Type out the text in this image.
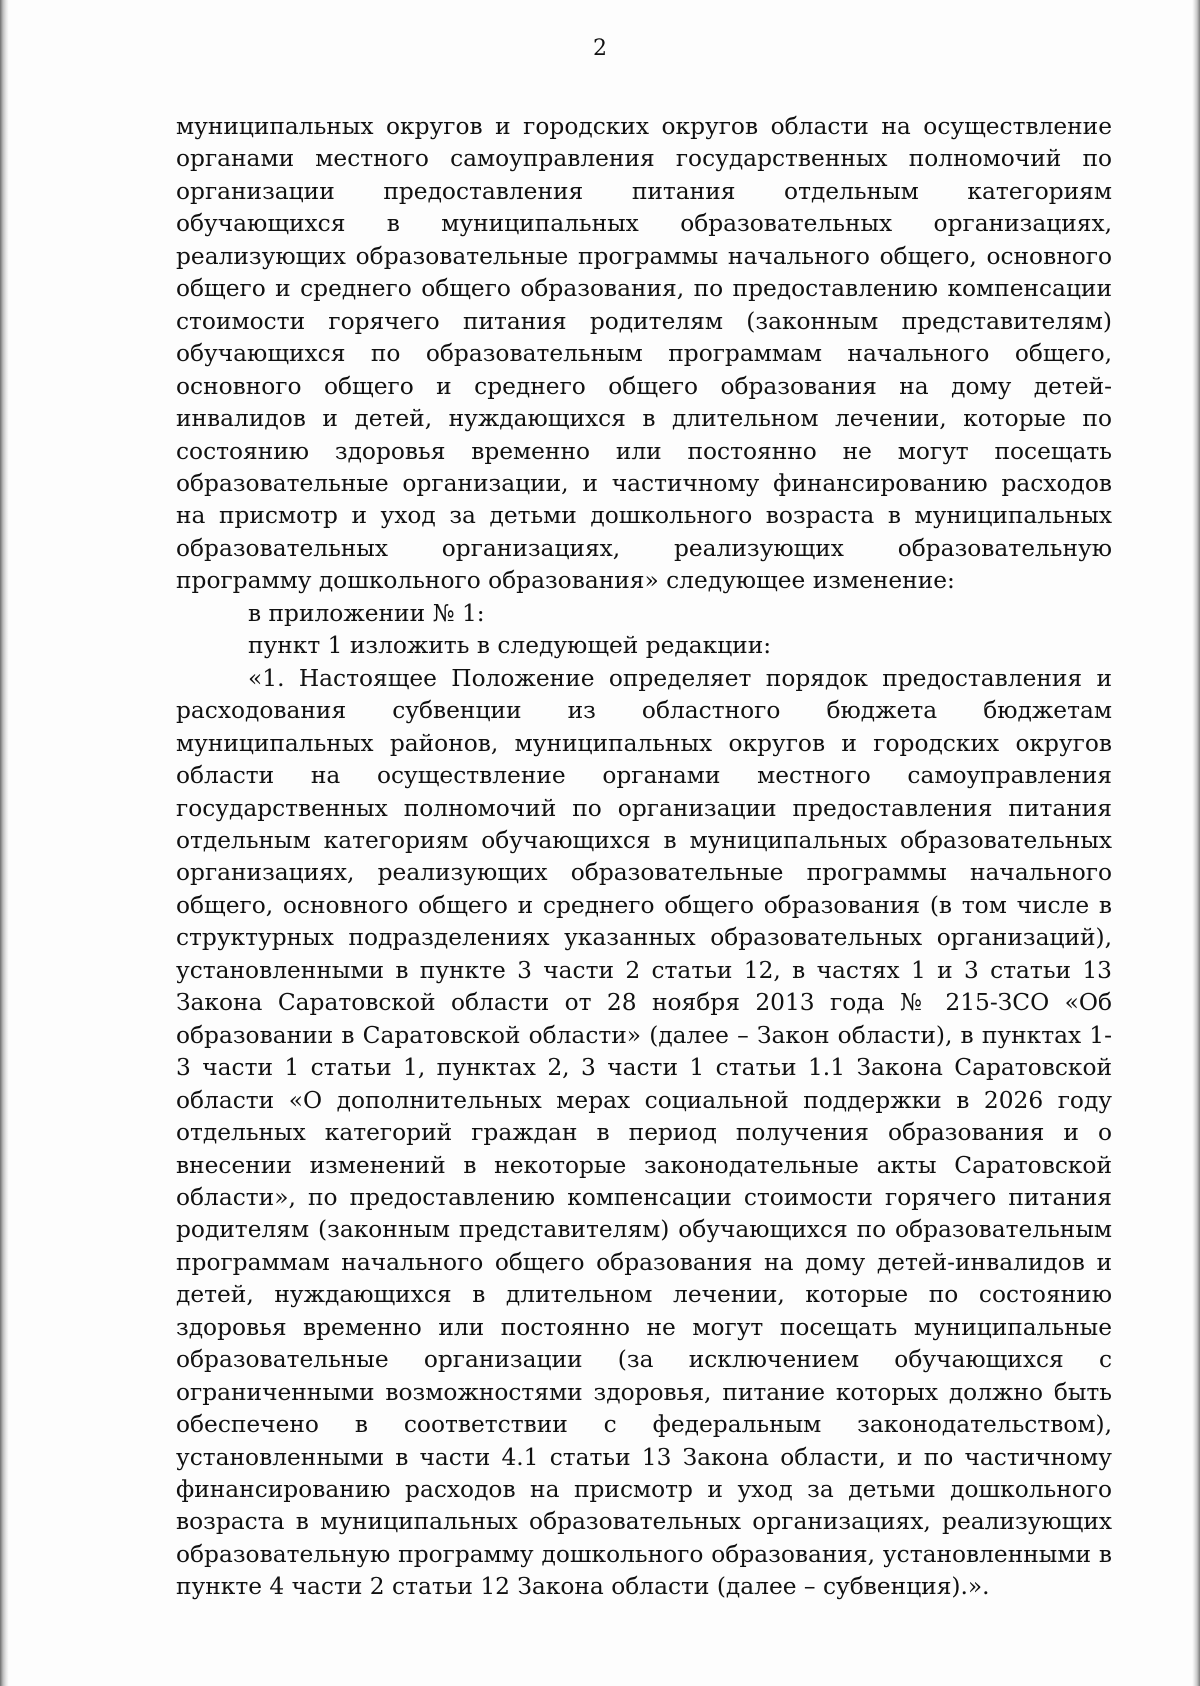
2

муниципальных округов и городских округов области на осуществление органами местного самоуправления государственных полномочий по организации предоставления питания отдельным категориям обучающихся в муниципальных образовательных организациях, реализующих образовательные программы начального общего, основного общего и среднего общего образования, по предоставлению компенсации стоимости горячего питания родителям (законным представителям) обучающихся по образовательным программам начального общего, основного общего и среднего общего образования на дому детей-инвалидов и детей, нуждающихся в длительном лечении, которые по состоянию здоровья временно или постоянно не могут посещать образовательные организации, и частичному финансированию расходов на присмотр и уход за детьми дошкольного возраста в муниципальных образовательных организациях, реализующих образовательную программу дошкольного образования» следующее изменение:

в приложении № 1:

пункт 1 изложить в следующей редакции:

«1. Настоящее Положение определяет порядок предоставления и расходования субвенции из областного бюджета бюджетам муниципальных районов, муниципальных округов и городских округов области на осуществление органами местного самоуправления государственных полномочий по организации предоставления питания отдельным категориям обучающихся в муниципальных образовательных организациях, реализующих образовательные программы начального общего, основного общего и среднего общего образования (в том числе в структурных подразделениях указанных образовательных организаций), установленными в пункте 3 части 2 статьи 12, в частях 1 и 3 статьи 13 Закона Саратовской области от 28 ноября 2013 года № 215-ЗСО «Об образовании в Саратовской области» (далее – Закон области), в пунктах 1-3 части 1 статьи 1, пунктах 2, 3 части 1 статьи 1.1 Закона Саратовской области «О дополнительных мерах социальной поддержки в 2026 году отдельных категорий граждан в период получения образования и о внесении изменений в некоторые законодательные акты Саратовской области», по предоставлению компенсации стоимости горячего питания родителям (законным представителям) обучающихся по образовательным программам начального общего образования на дому детей-инвалидов и детей, нуждающихся в длительном лечении, которые по состоянию здоровья временно или постоянно не могут посещать муниципальные образовательные организации (за исключением обучающихся с ограниченными возможностями здоровья, питание которых должно быть обеспечено в соответствии с федеральным законодательством), установленными в части 4.1 статьи 13 Закона области, и по частичному финансированию расходов на присмотр и уход за детьми дошкольного возраста в муниципальных образовательных организациях, реализующих образовательную программу дошкольного образования, установленными в пункте 4 части 2 статьи 12 Закона области (далее – субвенция).».
